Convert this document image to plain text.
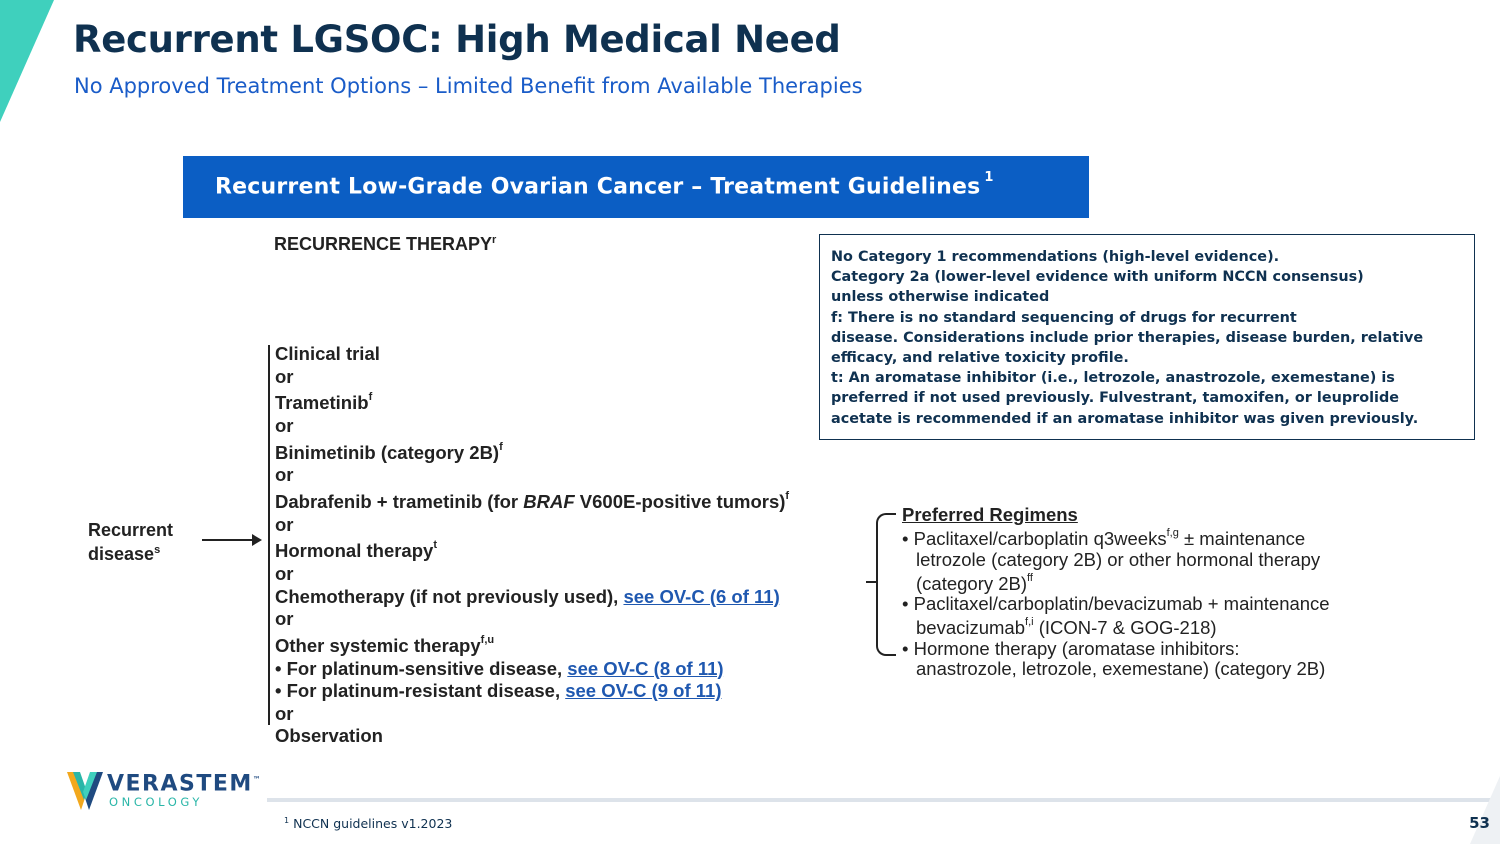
Recurrent LGSOC: High Medical Need
No Approved Treatment Options – Limited Benefit from Available Therapies
Recurrent Low-Grade Ovarian Cancer – Treatment Guidelines $^1$
RECURRENCE THERAPY$^r$
Recurrent
disease$^s$
Clinical trial
or
Trametinib$^f$
or
Binimetinib (category 2B)$^f$
or
Dabrafenib + trametinib (for BRAF V600E-positive tumors)$^f$
or
Hormonal therapy$^t$
or
Chemotherapy (if not previously used), see OV-C (6 of 11)
or
Other systemic therapy$^{f,u}$
• For platinum-sensitive disease, see OV-C (8 of 11)
• For platinum-resistant disease, see OV-C (9 of 11)
or
Observation
No Category 1 recommendations (high-level evidence).
Category 2a (lower-level evidence with uniform NCCN consensus)
unless otherwise indicated
f: There is no standard sequencing of drugs for recurrent
disease. Considerations include prior therapies, disease burden, relative
efficacy, and relative toxicity profile.
t: An aromatase inhibitor (i.e., letrozole, anastrozole, exemestane) is
preferred if not used previously. Fulvestrant, tamoxifen, or leuprolide
acetate is recommended if an aromatase inhibitor was given previously.
Preferred Regimens
• Paclitaxel/carboplatin q3weeks$^{f,g}$ ± maintenance
letrozole (category 2B) or other hormonal therapy
(category 2B)$^{ff}$
• Paclitaxel/carboplatin/bevacizumab + maintenance
bevacizumab$^{f,i}$ (ICON-7 & GOG-218)
• Hormone therapy (aromatase inhibitors:
anastrozole, letrozole, exemestane) (category 2B)
VERASTEM™
ONCOLOGY
$^1$ NCCN guidelines v1.2023	53
